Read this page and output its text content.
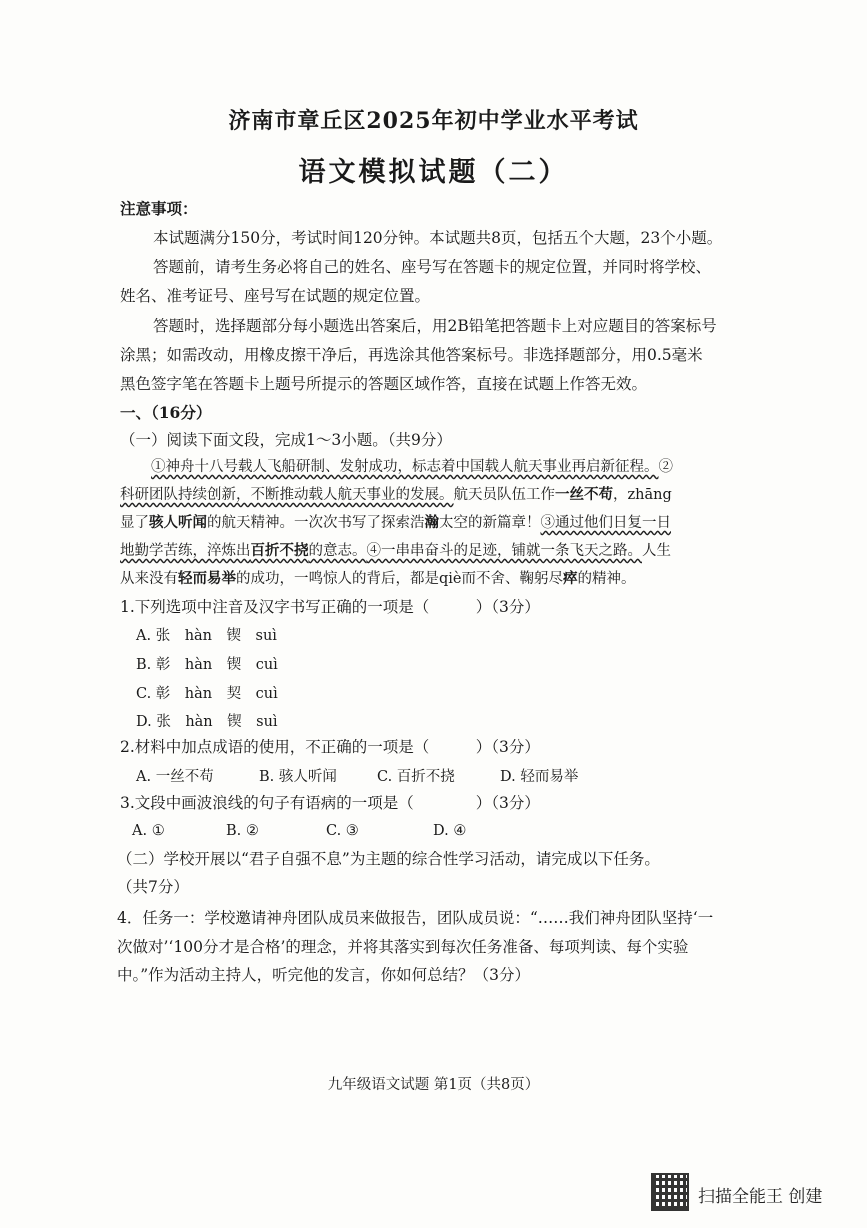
济南市章丘区2025年初中学业水平考试
语文模拟试题（二）
注意事项：
本试题满分150分，考试时间120分钟。本试题共8页，包括五个大题，23个小题。
答题前，请考生务必将自己的姓名、座号写在答题卡的规定位置，并同时将学校、
姓名、准考证号、座号写在试题的规定位置。
答题时，选择题部分每小题选出答案后，用2B铅笔把答题卡上对应题目的答案标号
涂黑；如需改动，用橡皮擦干净后，再选涂其他答案标号。非选择题部分，用0.5毫米
黑色签字笔在答题卡上题号所提示的答题区域作答，直接在试题上作答无效。
一、（16分）
（一）阅读下面文段，完成1～3小题。（共9分）
①神舟十八号载人飞船研制、发射成功，标志着中国载人航天事业再启新征程。②
科研团队持续创新，不断推动载人航天事业的发展。航天员队伍工作一丝不苟，zhāng
显了骇人听闻的航天精神。一次次书写了探索浩瀚太空的新篇章！③通过他们日复一日
地勤学苦练，淬炼出百折不挠的意志。④一串串奋斗的足迹，铺就一条飞天之路。人生
从来没有轻而易举的成功，一鸣惊人的背后，都是qiè而不舍、鞠躬尽瘁的精神。
1.下列选项中注音及汉字书写正确的一项是（　　　）（3分）
A. 张　hàn　锲　suì
B. 彰　hàn　锲　cuì
C. 彰　hàn　契　cuì
D. 张　hàn　锲　suì
2.材料中加点成语的使用，不正确的一项是（　　　）（3分）
A. 一丝不苟	B. 骇人听闻	C. 百折不挠	D. 轻而易举
3.文段中画波浪线的句子有语病的一项是（　　　　）（3分）
A. ①	B. ②	C. ③	D. ④
（二）学校开展以“君子自强不息”为主题的综合性学习活动，请完成以下任务。
（共7分）
4．任务一：学校邀请神舟团队成员来做报告，团队成员说：“……我们神舟团队坚持‘一
次做对’‘100分才是合格’的理念，并将其落实到每次任务准备、每项判读、每个实验
中。”作为活动主持人，听完他的发言，你如何总结？（3分）
九年级语文试题 第1页（共8页）
扫描全能王 创建
